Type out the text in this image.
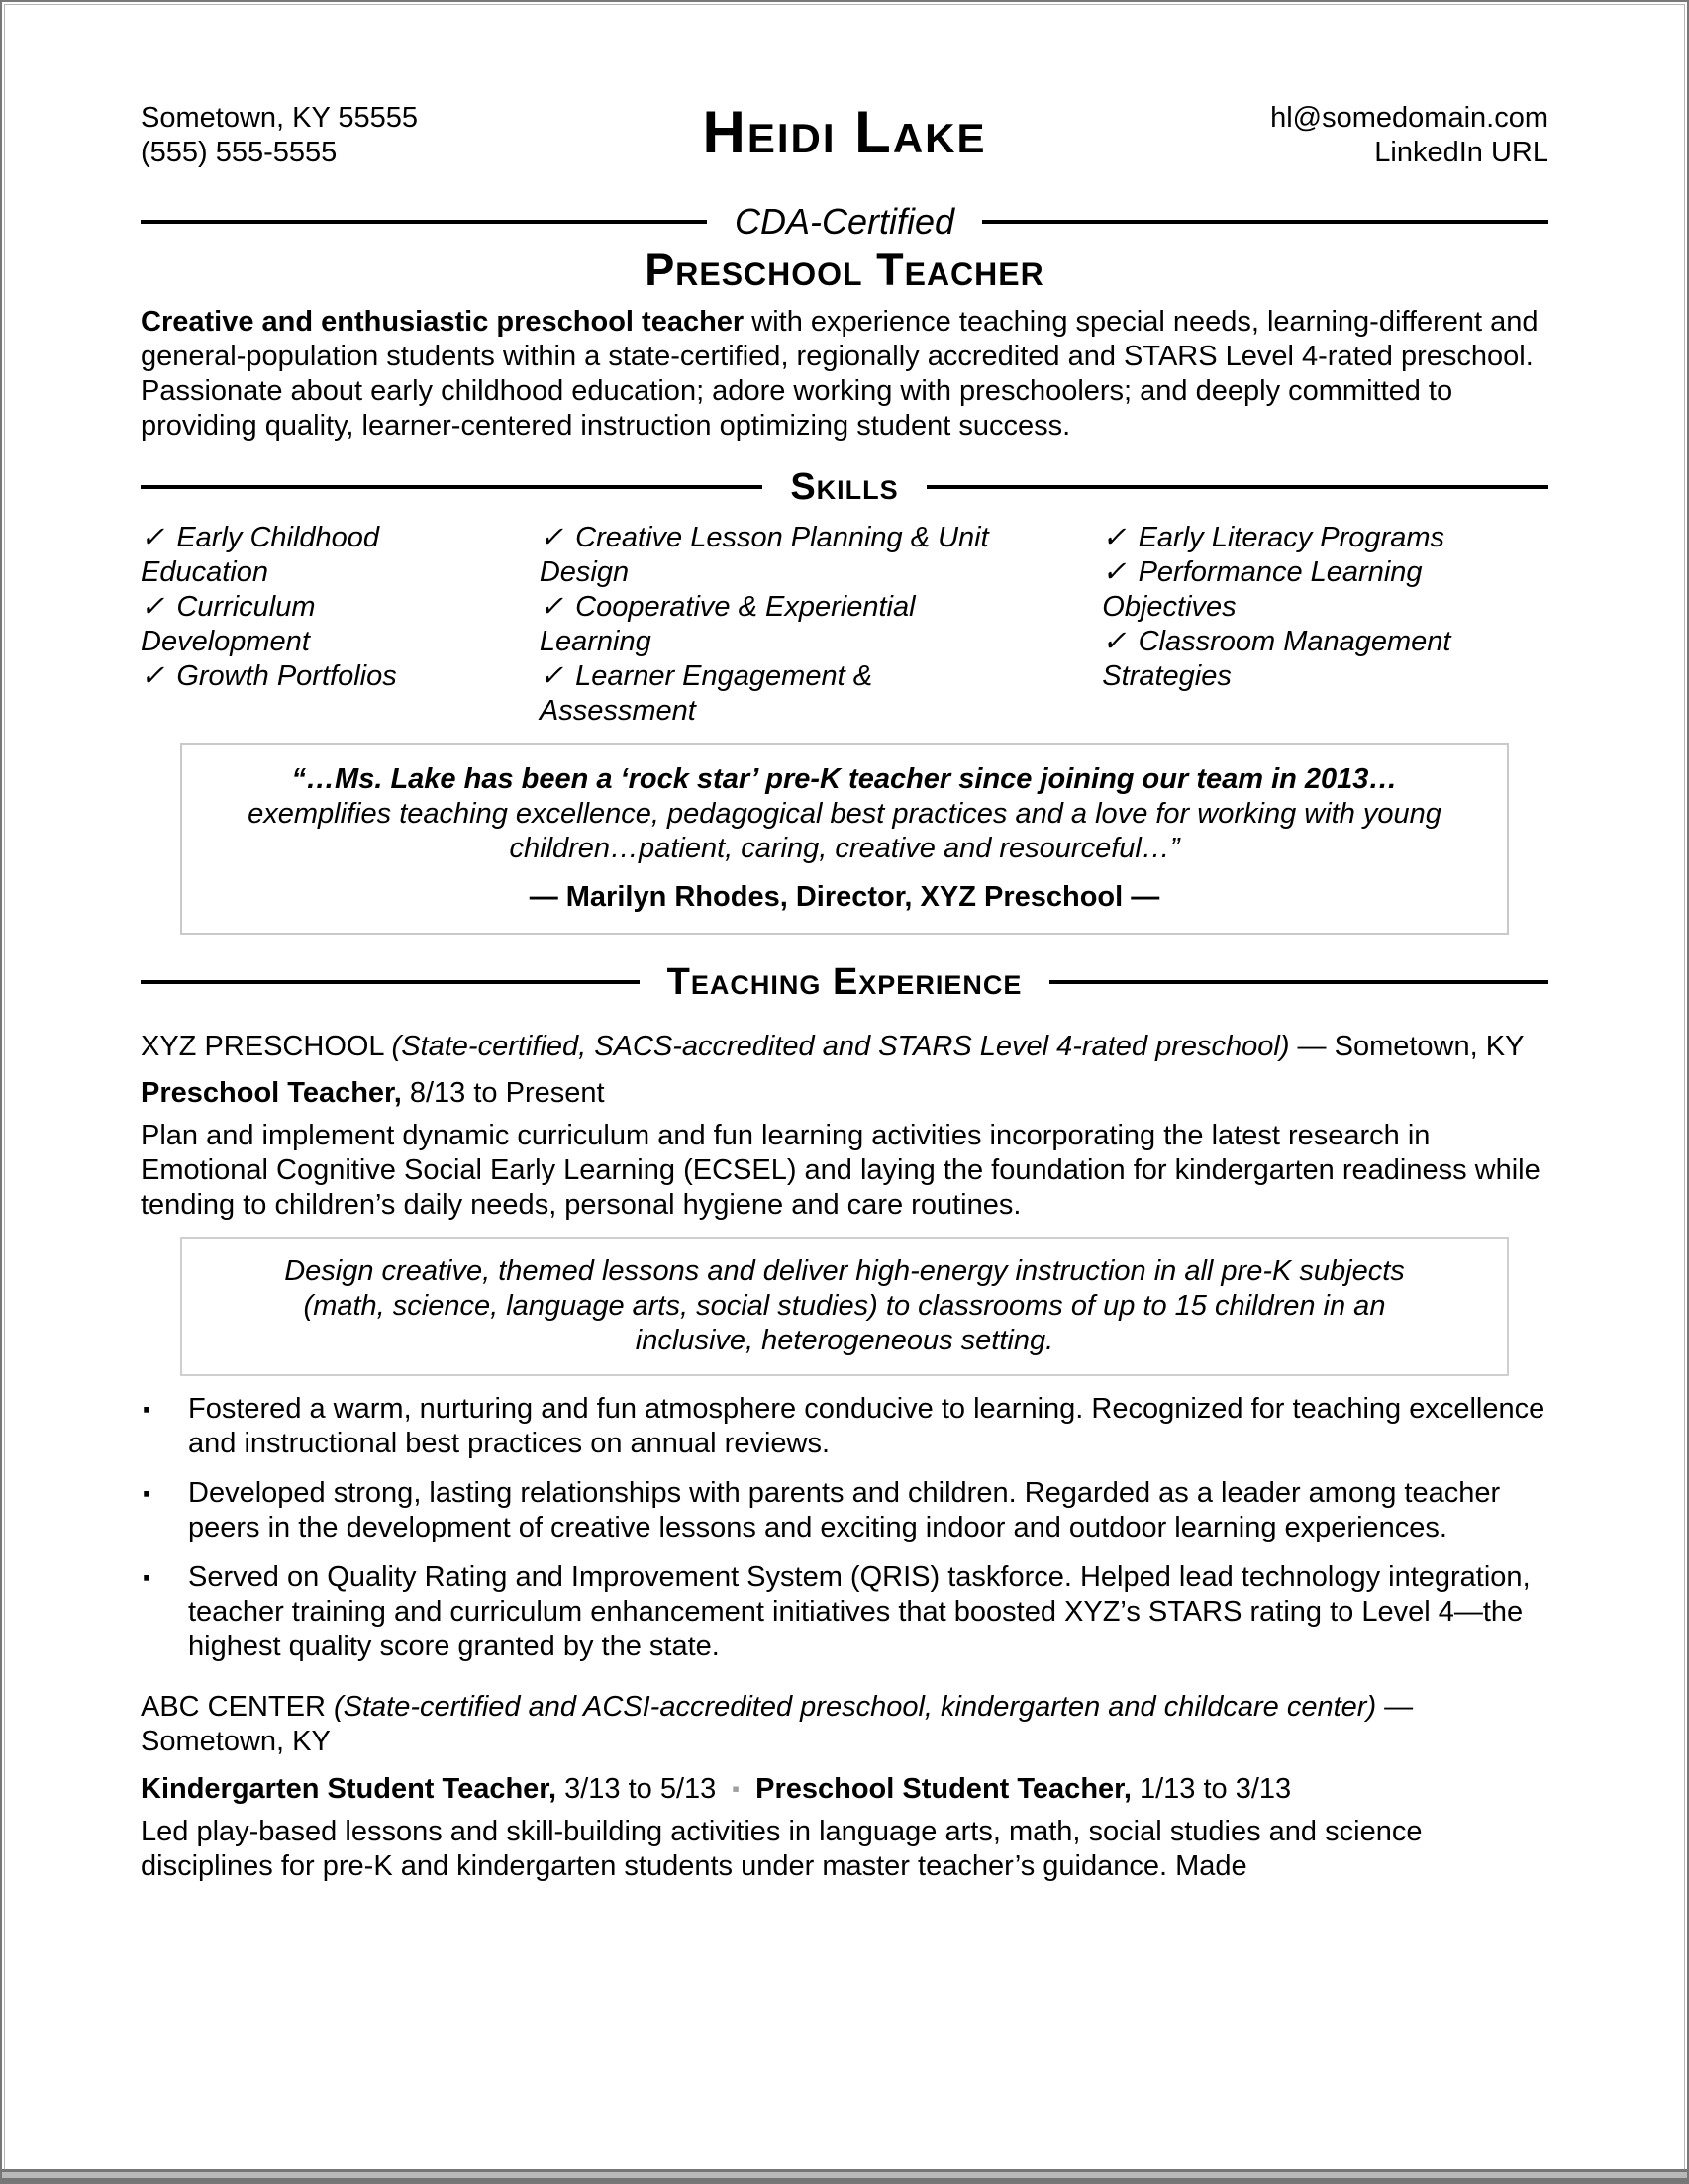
Sometown, KY 55555
(555) 555-5555	Heidi Lake	hl@somedomain.com
LinkedIn URL
CDA-Certified
Preschool Teacher

Creative and enthusiastic preschool teacher with experience teaching special needs, learning-different and general-population students within a state-certified, regionally accredited and STARS Level 4-rated preschool. Passionate about early childhood education; adore working with preschoolers; and deeply committed to providing quality, learner-centered instruction optimizing student success.

Skills
✓ Early Childhood Education
✓ Curriculum Development
✓ Growth Portfolios
✓ Creative Lesson Planning & Unit Design
✓ Cooperative & Experiential Learning
✓ Learner Engagement & Assessment
✓ Early Literacy Programs
✓ Performance Learning Objectives
✓ Classroom Management Strategies
“…Ms. Lake has been a ‘rock star’ pre-K teacher since joining our team in 2013…
exemplifies teaching excellence, pedagogical best practices and a love for working with young children…patient, caring, creative and resourceful…”
— Marilyn Rhodes, Director, XYZ Preschool —
Teaching Experience

XYZ PRESCHOOL (State-certified, SACS-accredited and STARS Level 4-rated preschool) — Sometown, KY

Preschool Teacher, 8/13 to Present

Plan and implement dynamic curriculum and fun learning activities incorporating the latest research in Emotional Cognitive Social Early Learning (ECSEL) and laying the foundation for kindergarten readiness while tending to children’s daily needs, personal hygiene and care routines.

Design creative, themed lessons and deliver high-energy instruction in all pre-K subjects (math, science, language arts, social studies) to classrooms of up to 15 children in an inclusive, heterogeneous setting.
▪	Fostered a warm, nurturing and fun atmosphere conducive to learning. Recognized for teaching excellence and instructional best practices on annual reviews.
▪	Developed strong, lasting relationships with parents and children. Regarded as a leader among teacher peers in the development of creative lessons and exciting indoor and outdoor learning experiences.
▪	Served on Quality Rating and Improvement System (QRIS) taskforce. Helped lead technology integration, teacher training and curriculum enhancement initiatives that boosted XYZ’s STARS rating to Level 4—the highest quality score granted by the state.

ABC CENTER (State-certified and ACSI-accredited preschool, kindergarten and childcare center) — Sometown, KY

Kindergarten Student Teacher, 3/13 to 5/13 ▪ Preschool Student Teacher, 1/13 to 3/13

Led play-based lessons and skill-building activities in language arts, math, social studies and science disciplines for pre-K and kindergarten students under master teacher’s guidance. Made
